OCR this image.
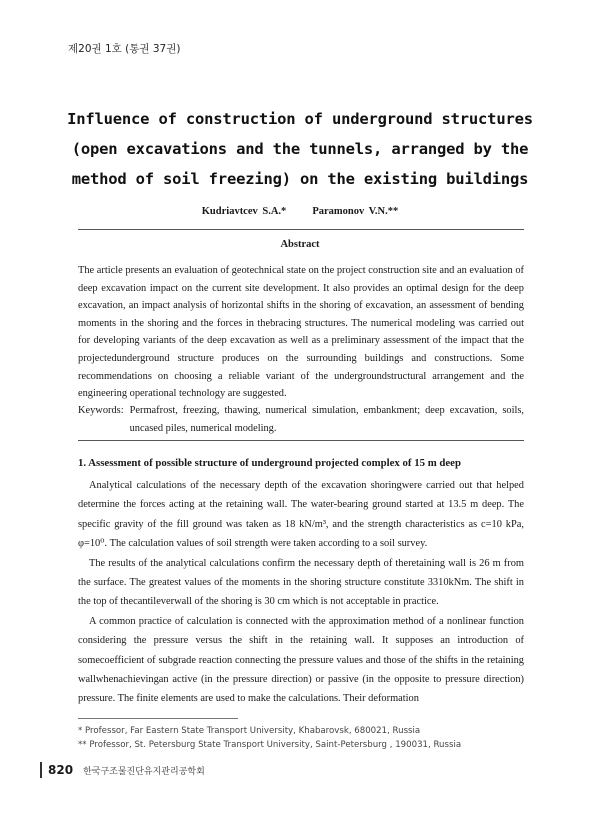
제20권 1호 (통권 37권)
Influence of construction of underground structures
(open excavations and the tunnels, arranged by the
method of soil freezing) on the existing buildings
Kudriavtcev S.A.* Paramonov V.N.**
Abstract

The article presents an evaluation of geotechnical state on the project construction site and an evaluation of deep excavation impact on the current site development. It also provides an optimal design for the deep excavation, an impact analysis of horizontal shifts in the shoring of excavation, an assessment of bending moments in the shoring and the forces in thebracing structures. The numerical modeling was carried out for developing variants of the deep excavation as well as a preliminary assessment of the impact that the projectedunderground structure produces on the surrounding buildings and constructions. Some recommendations on choosing a reliable variant of the undergroundstructural arrangement and the engineering operational technology are suggested.

Keywords: Permafrost, freezing, thawing, numerical simulation, embankment; deep excavation, soils, uncased piles, numerical modeling.
1. Assessment of possible structure of underground projected complex of 15 m deep

Analytical calculations of the necessary depth of the excavation shoringwere carried out that helped determine the forces acting at the retaining wall. The water-bearing ground started at 13.5 m deep. The specific gravity of the fill ground was taken as 18 kN/m³, and the strength characteristics as c=10 kPa, φ=10⁰. The calculation values of soil strength were taken according to a soil survey.

The results of the analytical calculations confirm the necessary depth of theretaining wall is 26 m from the surface. The greatest values of the moments in the shoring structure constitute 3310kNm. The shift in the top of thecantileverwall of the shoring is 30 cm which is not acceptable in practice.

A common practice of calculation is connected with the approximation method of a nonlinear function considering the pressure versus the shift in the retaining wall. It supposes an introduction of somecoefficient of subgrade reaction connecting the pressure values and those of the shifts in the retaining wallwhenachievingan active (in the pressure direction) or passive (in the opposite to pressure direction) pressure. The finite elements are used to make the calculations. Their deformation

* Professor, Far Eastern State Transport University, Khabarovsk, 680021, Russia
** Professor, St. Petersburg State Transport University, Saint-Petersburg , 190031, Russia
820 한국구조물진단유지관리공학회
